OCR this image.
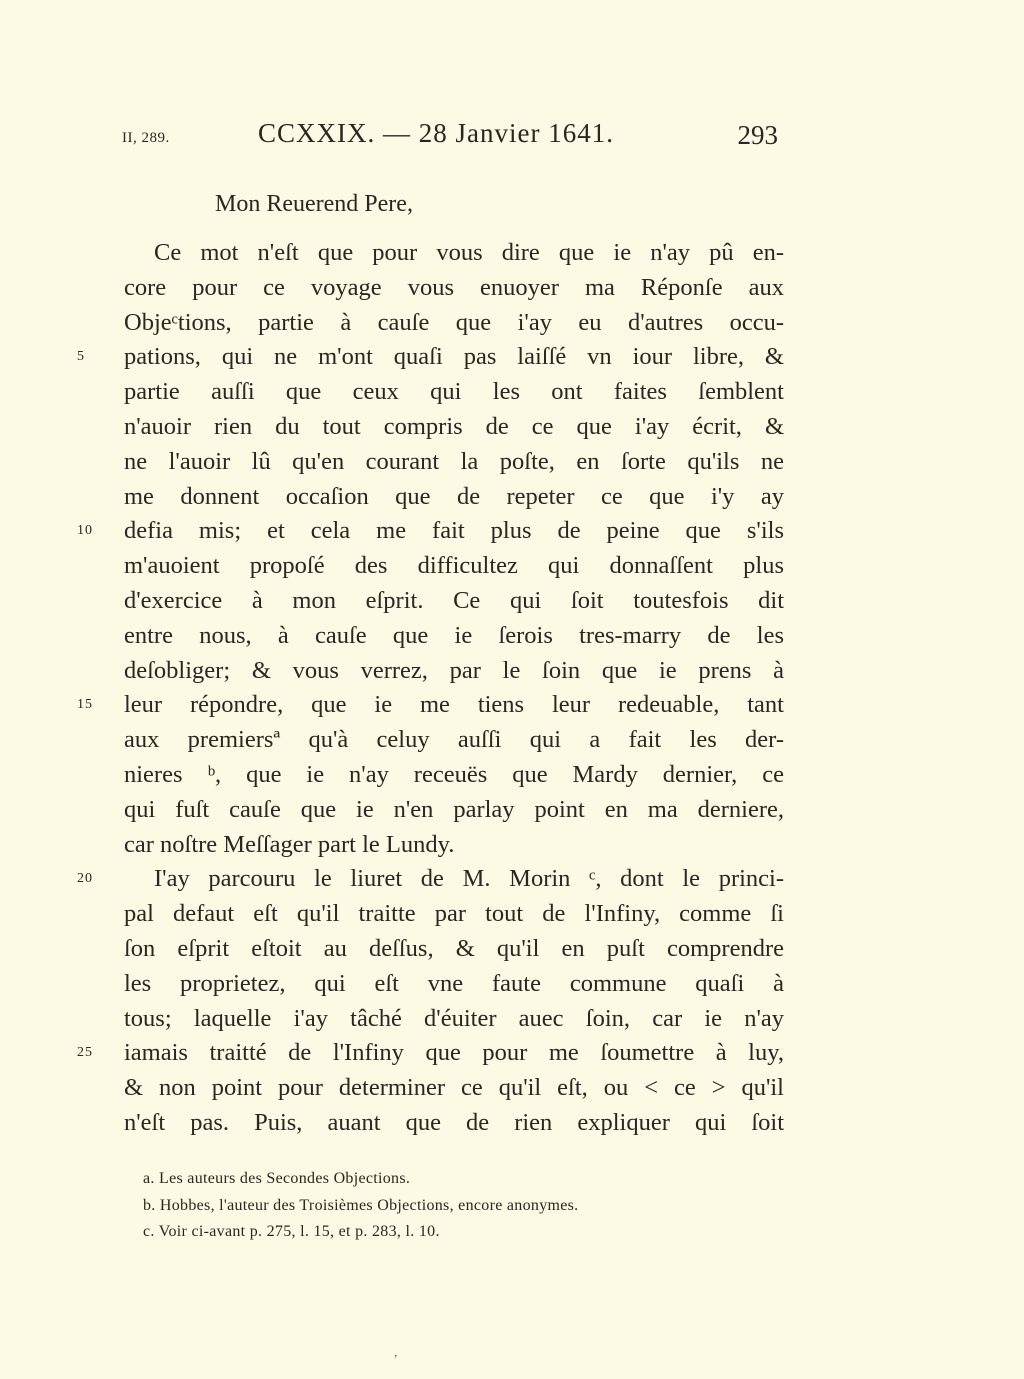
II, 289.	CCXXIX. — 28 Janvier 1641.	293
Mon Reuerend Pere,
Ce mot n'eſt que pour vous dire que ie n'ay pû en-
core pour ce voyage vous enuoyer ma Réponſe aux
Objeᶜtions, partie à cauſe que i'ay eu d'autres occu-
5	pations, qui ne m'ont quaſi pas laiſſé vn iour libre, &
partie auſſi que ceux qui les ont faites ſemblent
n'auoir rien du tout compris de ce que i'ay écrit, &
ne l'auoir lû qu'en courant la poſte, en ſorte qu'ils ne
me donnent occaſion que de repeter ce que i'y ay
10 defia mis; et cela me fait plus de peine que s'ils
m'auoient propoſé des difficultez qui donnaſſent plus
d'exercice à mon eſprit. Ce qui ſoit toutesfois dit
entre nous, à cauſe que ie ſerois tres-marry de les
deſobliger; & vous verrez, par le ſoin que ie prens à
15 leur répondre, que ie me tiens leur redeuable, tant
aux premiersª qu'à celuy auſſi qui a fait les der-
nieres ᵇ, que ie n'ay receuës que Mardy dernier, ce
qui fuſt cauſe que ie n'en parlay point en ma derniere,
car noſtre Meſſager part le Lundy.
20 I'ay parcouru le liuret de M. Morin ᶜ, dont le princi-
pal defaut eſt qu'il traitte par tout de l'Infiny, comme ſi
ſon eſprit eſtoit au deſſus, & qu'il en puſt comprendre
les proprietez, qui eſt vne faute commune quaſi à
tous; laquelle i'ay tâché d'éuiter auec ſoin, car ie n'ay
25 iamais traitté de l'Infiny que pour me ſoumettre à luy,
& non point pour determiner ce qu'il eſt, ou < ce > qu'il
n'eſt pas. Puis, auant que de rien expliquer qui ſoit
a. Les auteurs des Secondes Objections.
b. Hobbes, l'auteur des Troisièmes Objections, encore anonymes.
c. Voir ci-avant p. 275, l. 15, et p. 283, l. 10.
ʼ
